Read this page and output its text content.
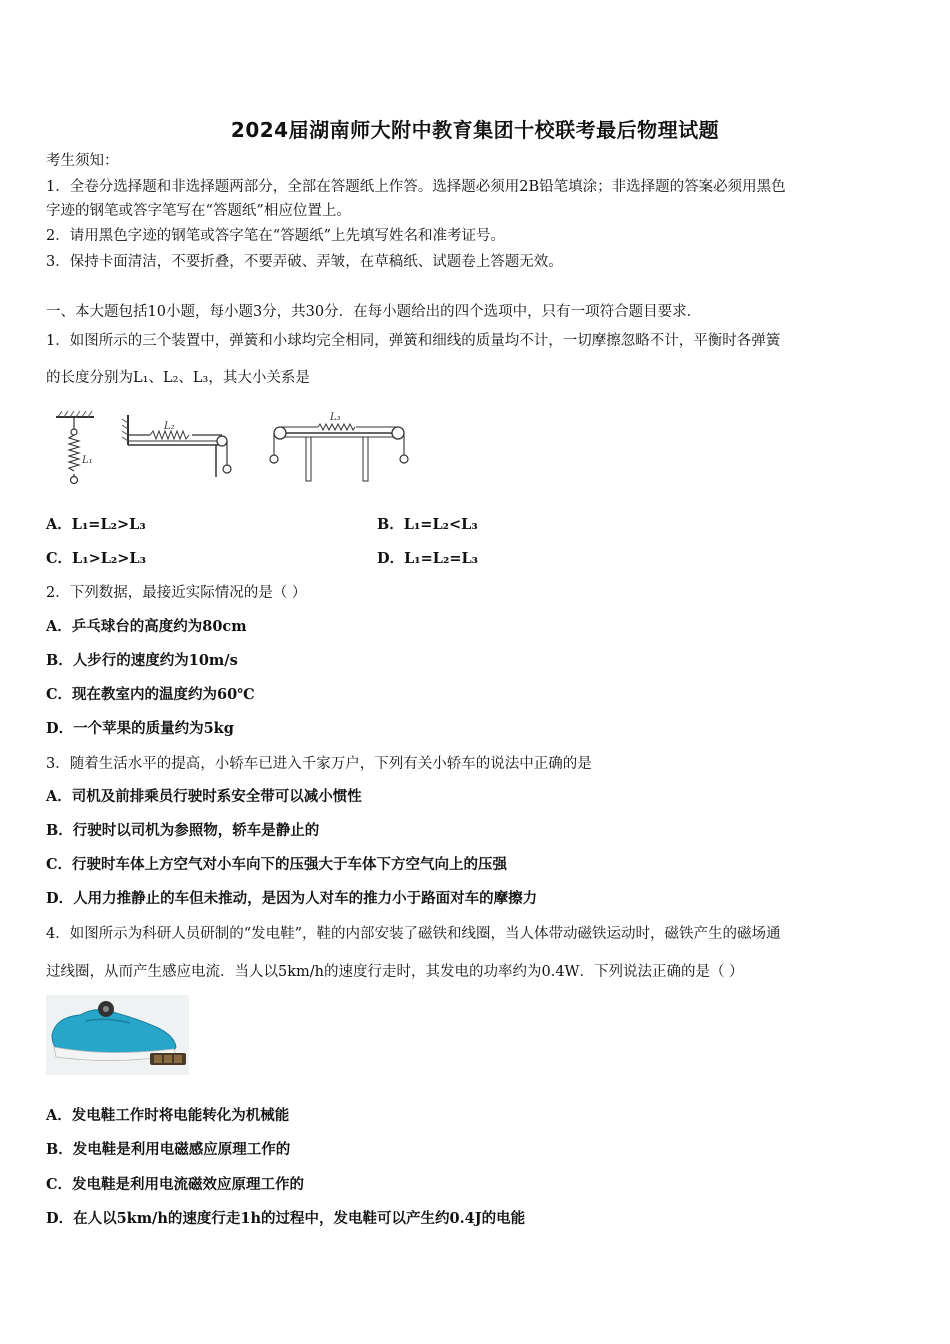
2024届湖南师大附中教育集团十校联考最后物理试题
考生须知：
1．全卷分选择题和非选择题两部分，全部在答题纸上作答。选择题必须用2B铅笔填涂；非选择题的答案必须用黑色
字迹的钢笔或答字笔写在“答题纸”相应位置上。
2．请用黑色字迹的钢笔或答字笔在“答题纸”上先填写姓名和准考证号。
3．保持卡面清洁，不要折叠，不要弄破、弄皱，在草稿纸、试题卷上答题无效。
一、本大题包括10小题，每小题3分，共30分．在每小题给出的四个选项中，只有一项符合题目要求．
1．如图所示的三个装置中，弹簧和小球均完全相同，弹簧和细线的质量均不计，一切摩擦忽略不计，平衡时各弹簧
的长度分别为L₁、L₂、L₃，其大小关系是
L₁
L₂
L₃
A．L₁=L₂>L₃	B．L₁=L₂<L₃
C．L₁>L₂>L₃	D．L₁=L₂=L₃
2．下列数据，最接近实际情况的是（ ）
A．乒乓球台的高度约为80cm
B．人步行的速度约为10m/s
C．现在教室内的温度约为60℃
D．一个苹果的质量约为5kg
3．随着生活水平的提高，小轿车已进入千家万户，下列有关小轿车的说法中正确的是
A．司机及前排乘员行驶时系安全带可以减小惯性
B．行驶时以司机为参照物，轿车是静止的
C．行驶时车体上方空气对小车向下的压强大于车体下方空气向上的压强
D．人用力推静止的车但未推动，是因为人对车的推力小于路面对车的摩擦力
4．如图所示为科研人员研制的“发电鞋”，鞋的内部安装了磁铁和线圈，当人体带动磁铁运动时，磁铁产生的磁场通
过线圈，从而产生感应电流．当人以5km/h的速度行走时，其发电的功率约为0.4W．下列说法正确的是（ ）
A．发电鞋工作时将电能转化为机械能
B．发电鞋是利用电磁感应原理工作的
C．发电鞋是利用电流磁效应原理工作的
D．在人以5km/h的速度行走1h的过程中，发电鞋可以产生约0.4J的电能
